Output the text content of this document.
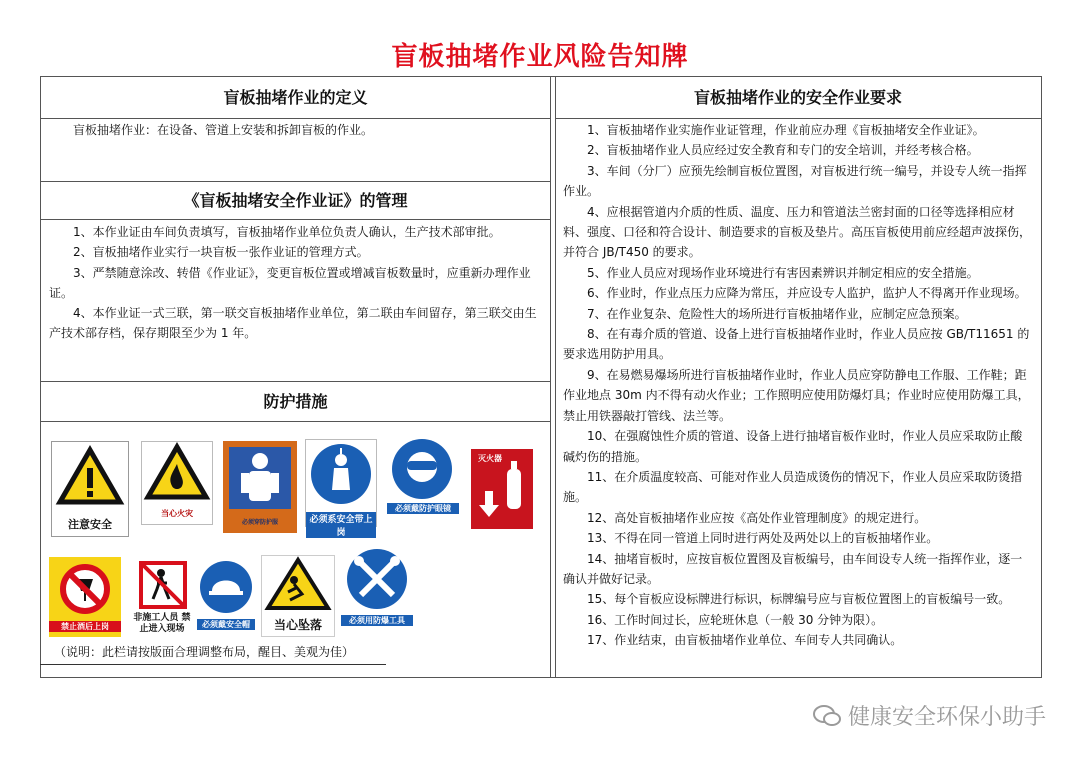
盲板抽堵作业风险告知牌
盲板抽堵作业的定义

盲板抽堵作业：在设备、管道上安装和拆卸盲板的作业。

《盲板抽堵安全作业证》的管理

1、本作业证由车间负责填写，盲板抽堵作业单位负责人确认，生产技术部审批。

2、盲板抽堵作业实行一块盲板一张作业证的管理方式。

3、严禁随意涂改、转借《作业证》，变更盲板位置或增减盲板数量时，应重新办理作业证。

4、本作业证一式三联，第一联交盲板抽堵作业单位，第二联由车间留存，第三联交由生产技术部存档，保存期限至少为 1 年。

防护措施
注意安全
当心火灾
必须穿防护服	必须系安全带上岗
必须戴防护眼镜
灭火器
禁止酒后上岗
非施工人员 禁止进入现场	必须戴安全帽	当心坠落	必须用防爆工具
盲板抽堵作业的安全作业要求

1、盲板抽堵作业实施作业证管理，作业前应办理《盲板抽堵安全作业证》。

2、盲板抽堵作业人员应经过安全教育和专门的安全培训，并经考核合格。

3、车间（分厂）应预先绘制盲板位置图，对盲板进行统一编号，并设专人统一指挥作业。

4、应根据管道内介质的性质、温度、压力和管道法兰密封面的口径等选择相应材料、强度、口径和符合设计、制造要求的盲板及垫片。高压盲板使用前应经超声波探伤，并符合 JB/T450 的要求。

5、作业人员应对现场作业环境进行有害因素辨识并制定相应的安全措施。

6、作业时，作业点压力应降为常压，并应设专人监护，监护人不得离开作业现场。

7、在作业复杂、危险性大的场所进行盲板抽堵作业，应制定应急预案。

8、在有毒介质的管道、设备上进行盲板抽堵作业时，作业人员应按 GB/T11651 的要求选用防护用具。

9、在易燃易爆场所进行盲板抽堵作业时，作业人员应穿防静电工作服、工作鞋；距作业地点 30m 内不得有动火作业；工作照明应使用防爆灯具；作业时应使用防爆工具，禁止用铁器敲打管线、法兰等。

10、在强腐蚀性介质的管道、设备上进行抽堵盲板作业时，作业人员应采取防止酸碱灼伤的措施。

11、在介质温度较高、可能对作业人员造成烫伤的情况下，作业人员应采取防烫措施。

12、高处盲板抽堵作业应按《高处作业管理制度》的规定进行。

13、不得在同一管道上同时进行两处及两处以上的盲板抽堵作业。

14、抽堵盲板时，应按盲板位置图及盲板编号，由车间设专人统一指挥作业，逐一确认并做好记录。

15、每个盲板应设标牌进行标识，标牌编号应与盲板位置图上的盲板编号一致。

16、工作时间过长，应轮班休息（一般 30 分钟为限）。

17、作业结束，由盲板抽堵作业单位、车间专人共同确认。

（说明：此栏请按版面合理调整布局，醒目、美观为佳）
健康安全环保小助手
